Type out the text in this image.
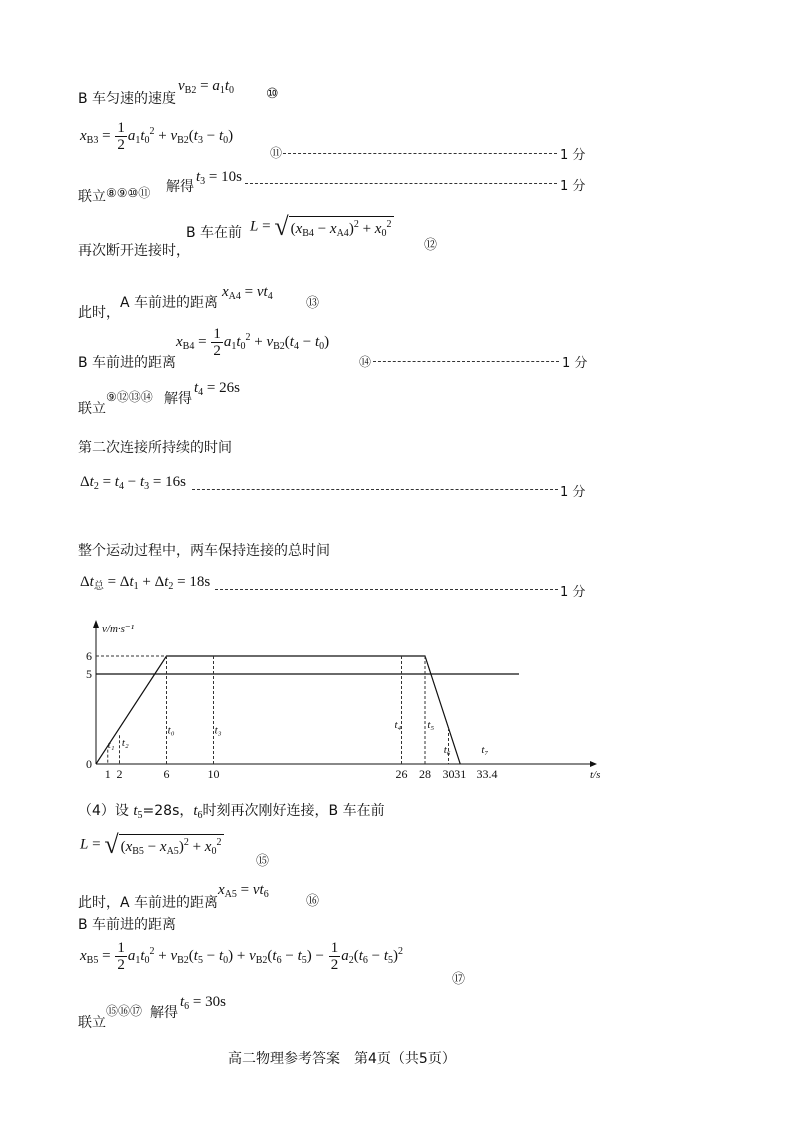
B 车匀速的速度
$v_{B2} = a_1t_0$ ⑩
$x_{B3} = \frac{1}{2} a_1t_0^2 + v_{B2}(t_3 - t_0)$
⑪	1 分
联立 ⑧⑨⑩⑪ 解得
$t_3 = 10s$
1 分
再次断开连接时，
B 车在前 L = √ $(x_{B4} - x_{A4})^2 + x_0^2$
⑫
此时，
A 车前进的距离
$x_{A4} = vt_4$	⑬
B 车前进的距离
$x_{B4} = \frac{1}{2} a_1t_0^2 + v_{B2}(t_4 - t_0)$
⑭	1 分
联立
⑨⑫⑬⑭ 解得
$t_4 = 26s$
第二次连接所持续的时间
$\Delta t_2 = t_4 - t_3 = 16s$
1 分
整个运动过程中，两车保持连接的总时间
$\Delta t_总 = \Delta t_1 + \Delta t_2 = 18s$
1 分
v/m·s⁻¹
t/s
6
5
0
1 2	6	10	26 28 30 31 33.4
t₁ t₂
t₀	t₃	t₄ t₅
t₆	t₇
（4）设 $t_5=28s$，$t_6$时刻再次刚好连接，B 车在前
L = √ $(x_{B5} - x_{A5})^2 + x_0^2$
⑮
此时，A 车前进的距离
$x_{A5} = vt_6$	⑯
B 车前进的距离
$x_{B5} = \frac{1}{2} a_1t_0^2 + v_{B2}(t_5 - t_0) + v_{B2}(t_6 - t_5) - \frac{1}{2} a_2(t_6 - t_5)^2$
⑰
联立
⑮⑯⑰ 解得
$t_6 = 30s$
高二物理参考答案　第4页（共5页）
